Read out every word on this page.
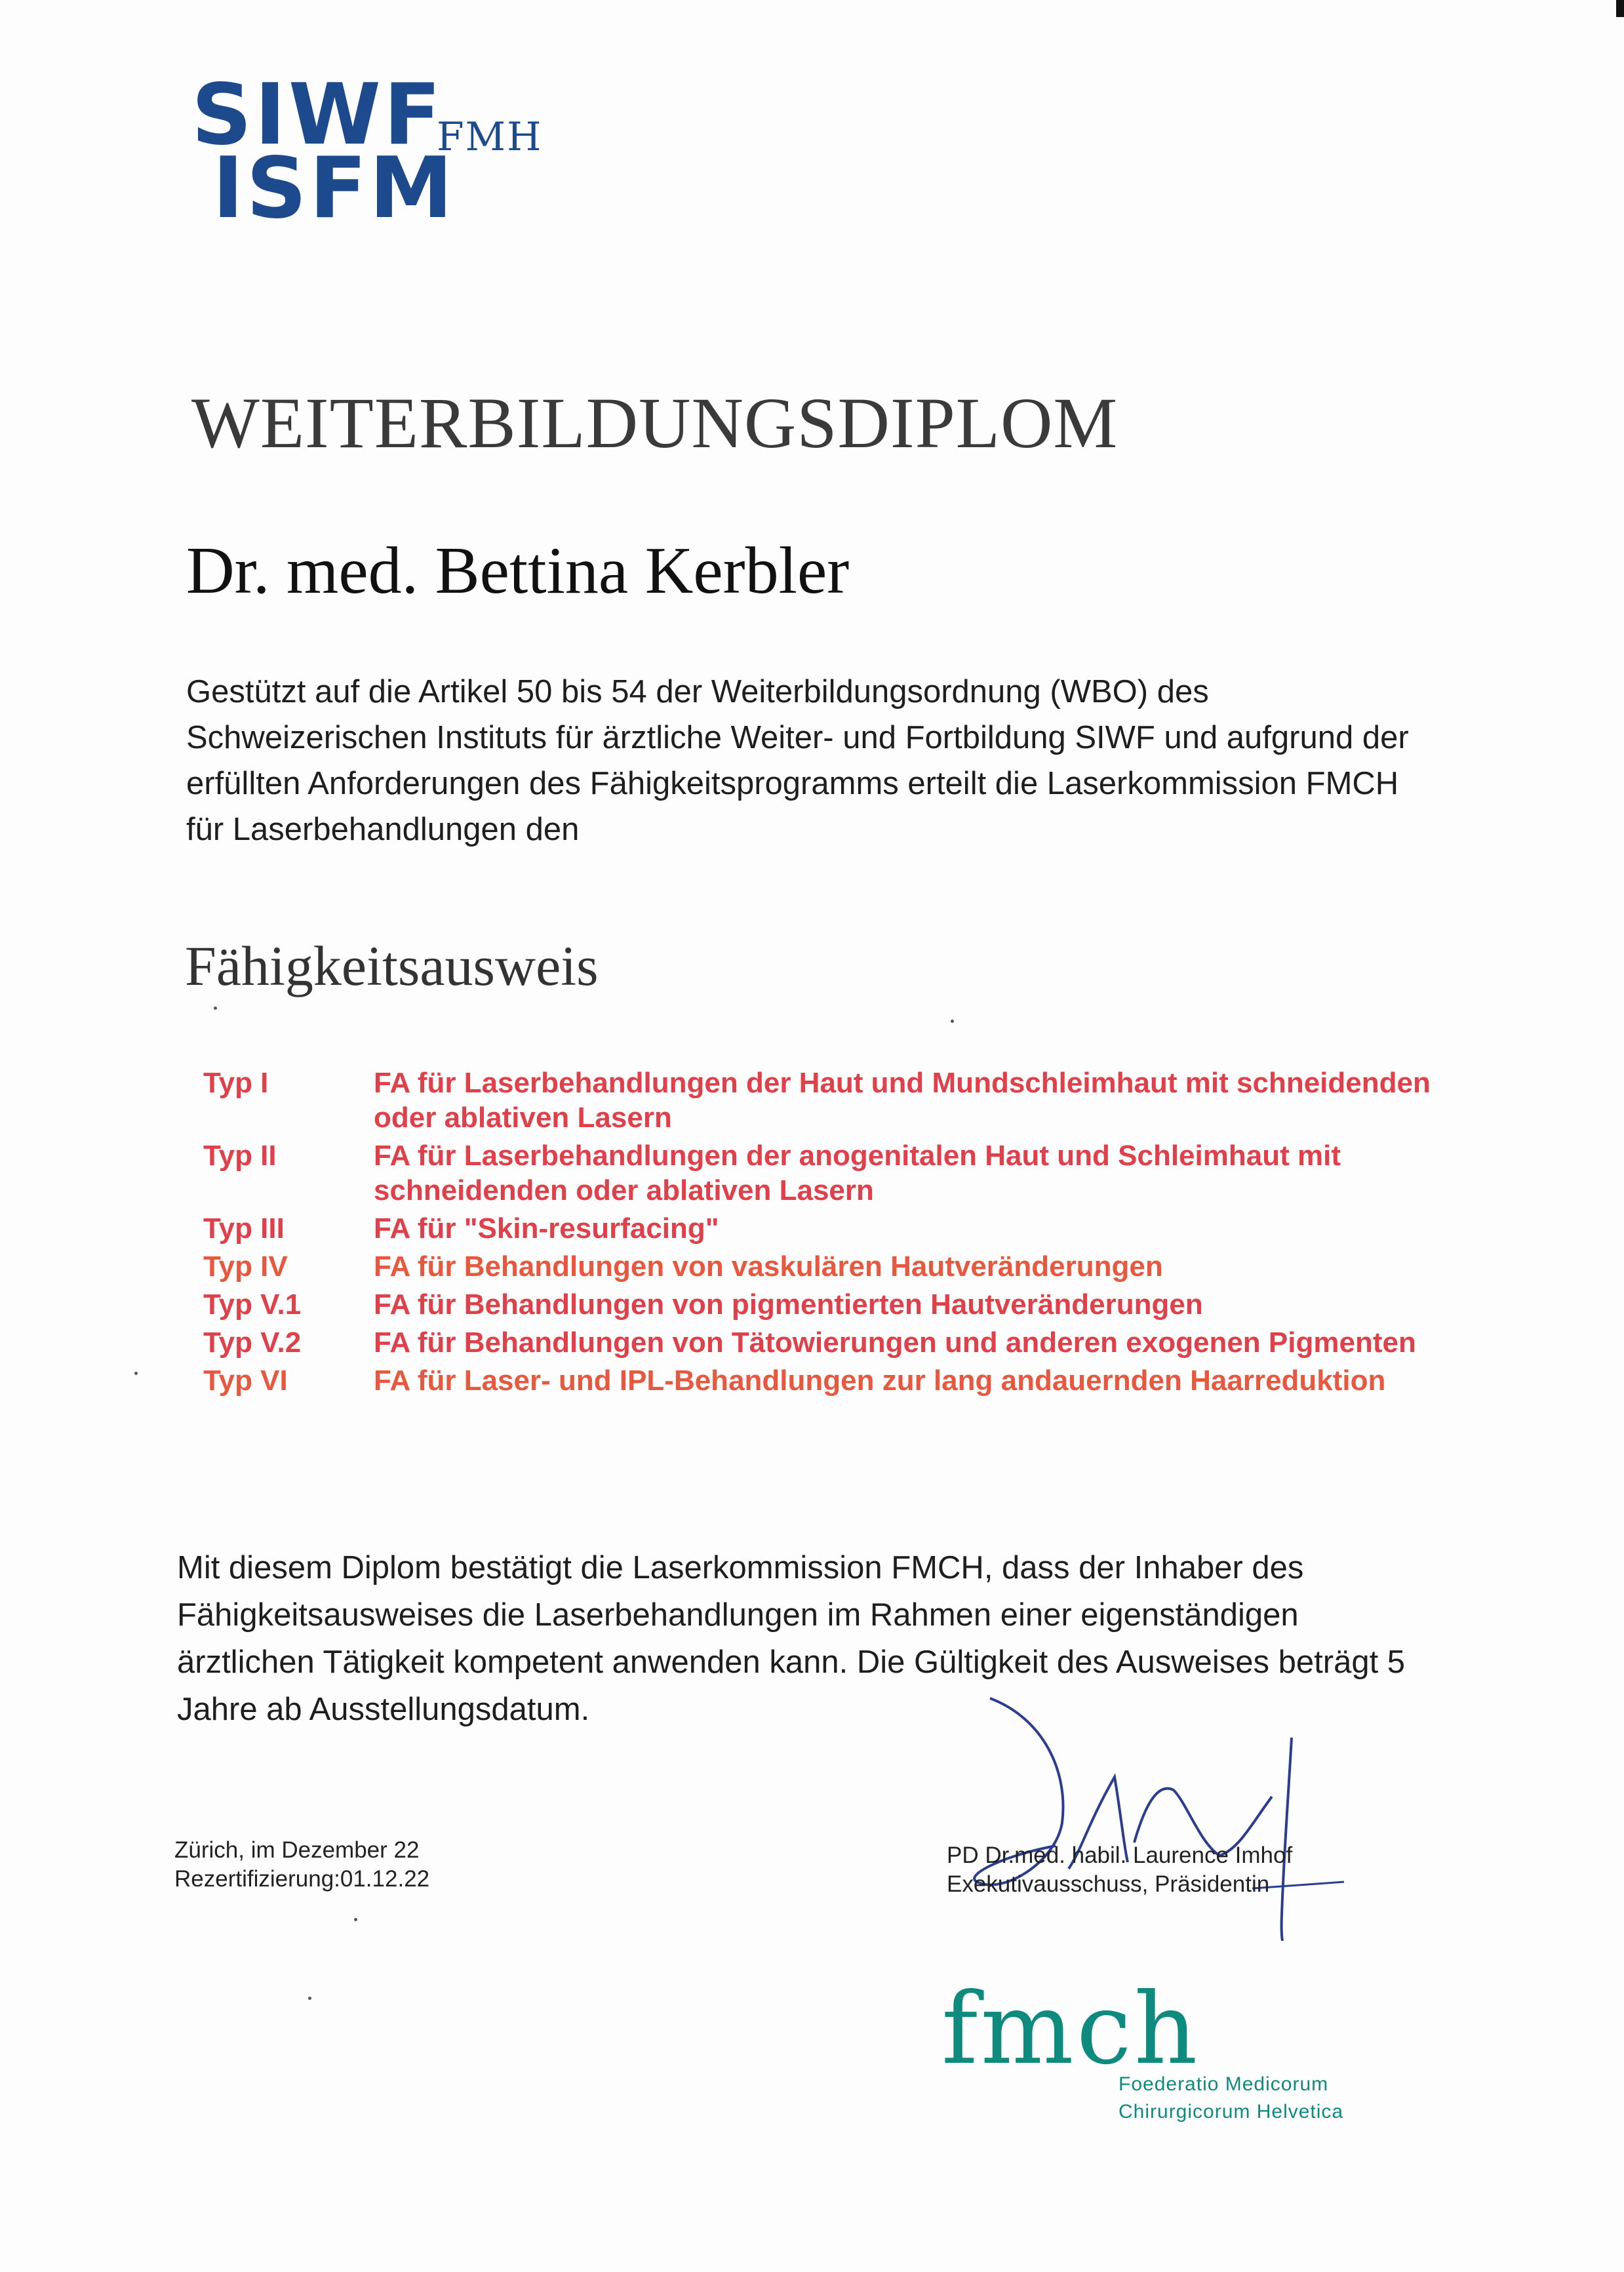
SIWF
FMH
ISFM
WEITERBILDUNGSDIPLOM
Dr. med. Bettina Kerbler

Gestützt auf die Artikel 50 bis 54 der Weiterbildungsordnung (WBO) des Schweizerischen Instituts für ärztliche Weiter- und Fortbildung SIWF und aufgrund der erfüllten Anforderungen des Fähigkeitsprogramms erteilt die Laserkommission FMCH für Laserbehandlungen den

Fähigkeitsausweis
Typ I	FA für Laserbehandlungen der Haut und Mundschleimhaut mit schneidenden oder ablativen Lasern
Typ II	FA für Laserbehandlungen der anogenitalen Haut und Schleimhaut mit schneidenden oder ablativen Lasern
Typ III	FA für "Skin-resurfacing"
Typ IV	FA für Behandlungen von vaskulären Hautveränderungen
Typ V.1	FA für Behandlungen von pigmentierten Hautveränderungen
Typ V.2	FA für Behandlungen von Tätowierungen und anderen exogenen Pigmenten
Typ VI	FA für Laser- und IPL-Behandlungen zur lang andauernden Haarreduktion

Mit diesem Diplom bestätigt die Laserkommission FMCH, dass der Inhaber des Fähigkeitsausweises die Laserbehandlungen im Rahmen einer eigenständigen ärztlichen Tätigkeit kompetent anwenden kann. Die Gültigkeit des Ausweises beträgt 5 Jahre ab Ausstellungsdatum.

Zürich, im Dezember 22
Rezertifizierung:01.12.22
PD Dr.med. habil. Laurence Imhof
Exekutivausschuss, Präsidentin
fmch
Foederatio Medicorum
Chirurgicorum Helvetica
